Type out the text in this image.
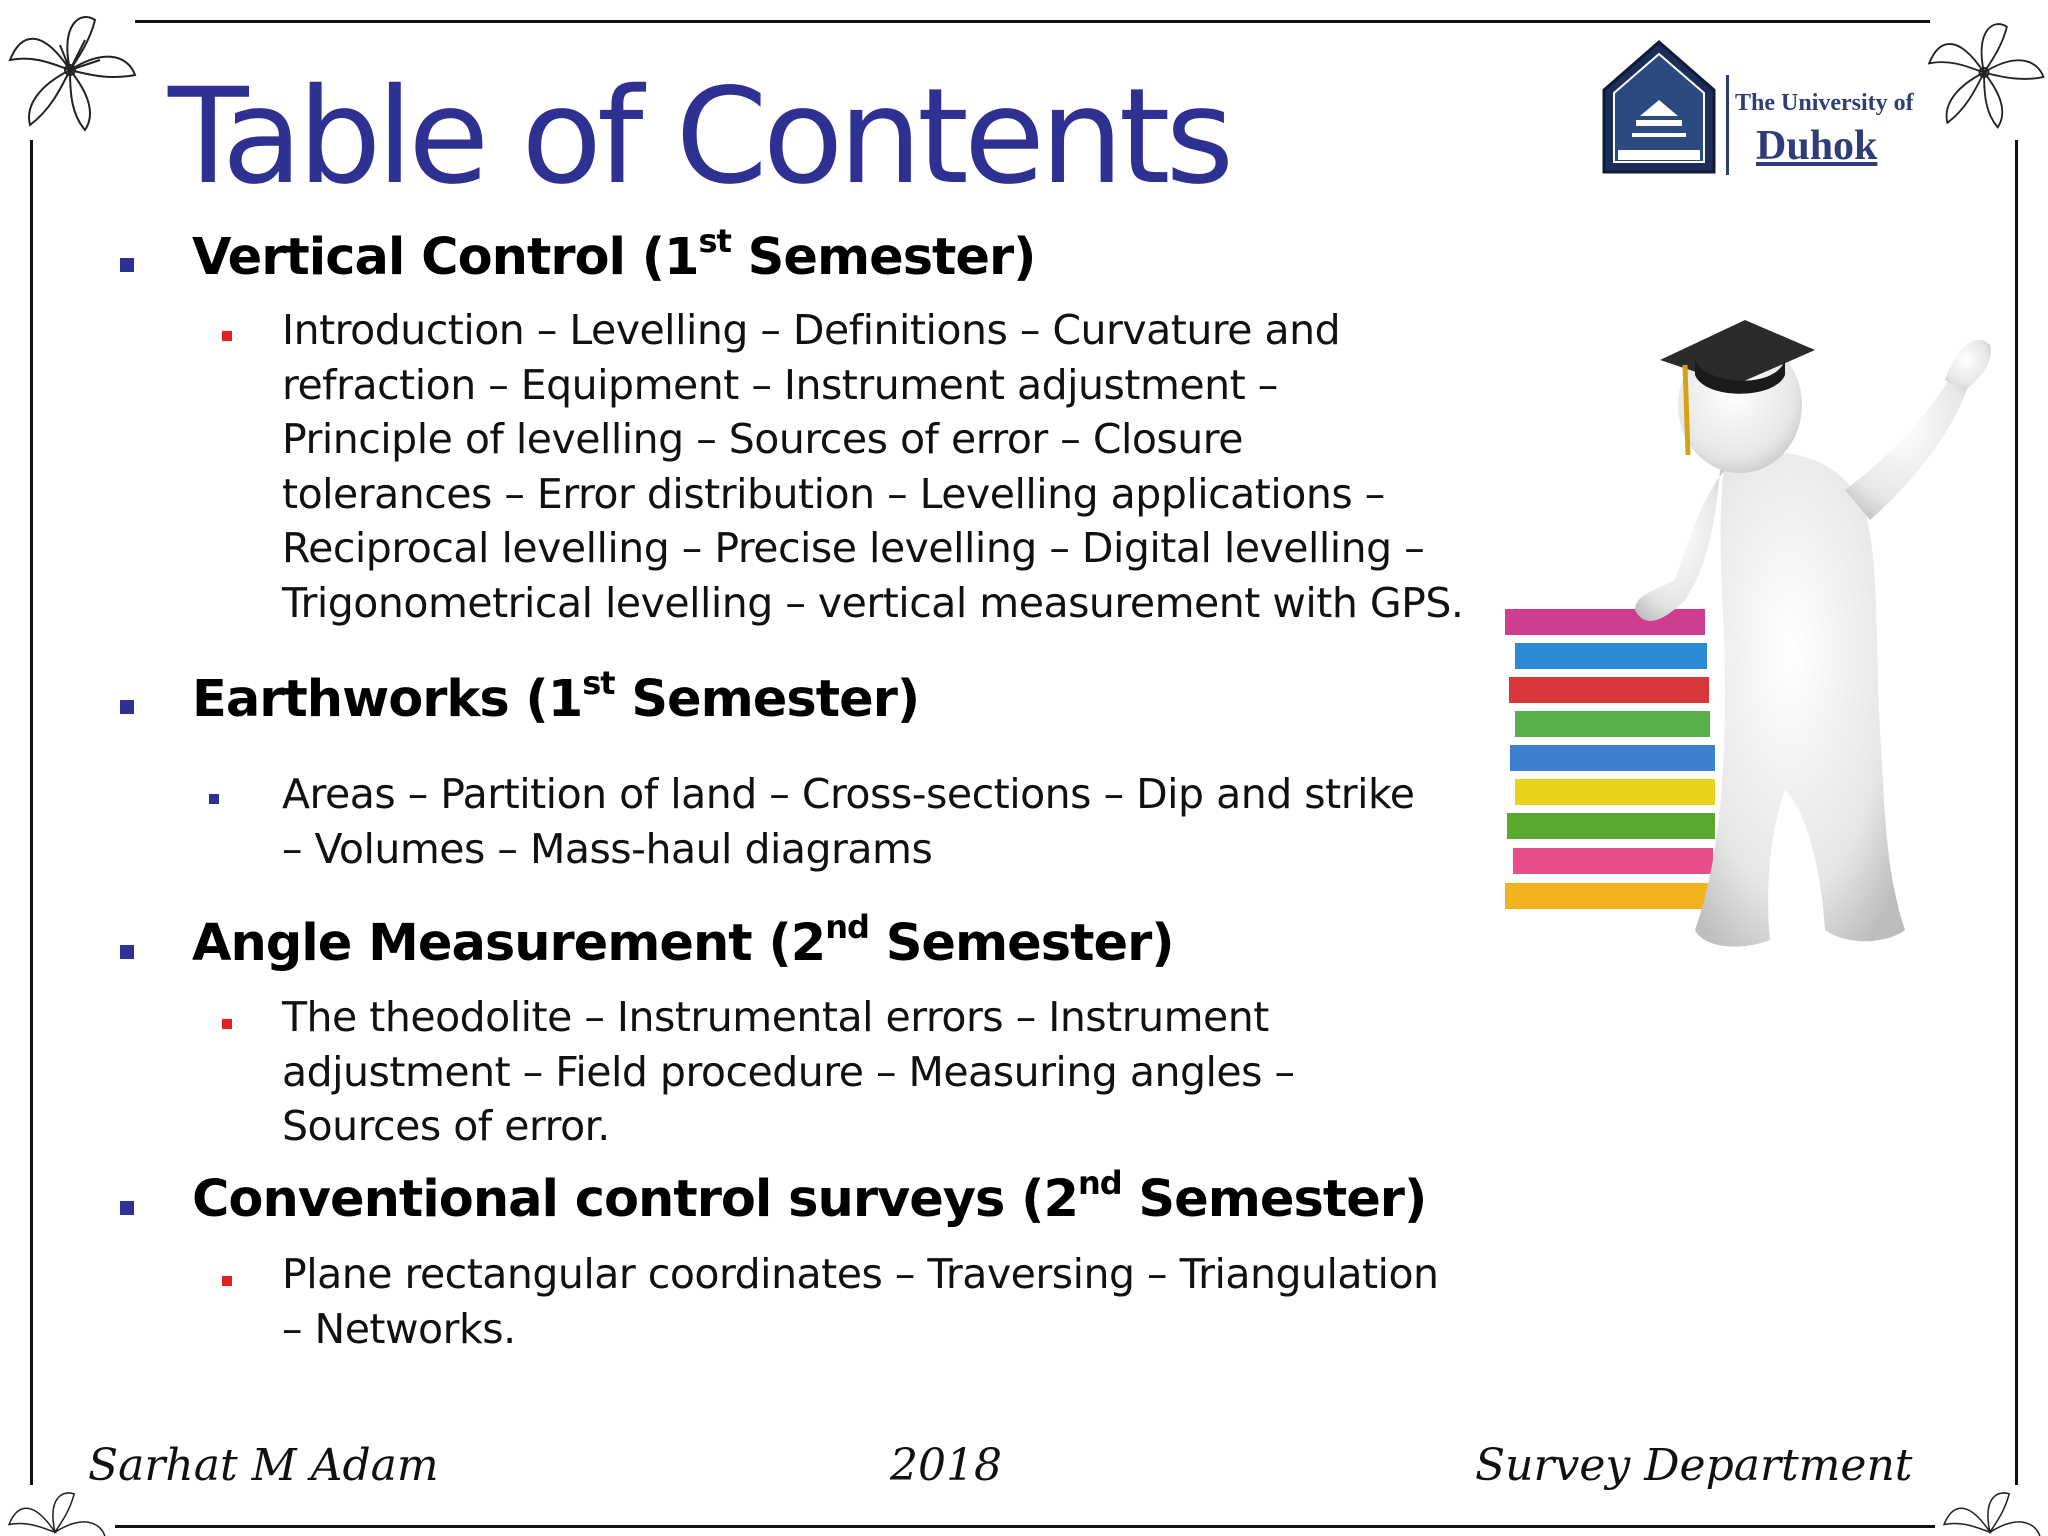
Table of Contents	The University of
Duhok
Vertical Control (1st Semester)
Introduction – Levelling – Definitions – Curvature and
refraction – Equipment – Instrument adjustment –
Principle of levelling – Sources of error – Closure
tolerances – Error distribution – Levelling applications –
Reciprocal levelling – Precise levelling – Digital levelling –
Trigonometrical levelling – vertical measurement with GPS.
Earthworks (1st Semester)
Areas – Partition of land – Cross-sections – Dip and strike
– Volumes – Mass-haul diagrams
Angle Measurement (2nd Semester)
The theodolite – Instrumental errors – Instrument
adjustment – Field procedure – Measuring angles –
Sources of error.
Conventional control surveys (2nd Semester)
Plane rectangular coordinates – Traversing – Triangulation
– Networks.
Sarhat M Adam	2018	Survey Department
